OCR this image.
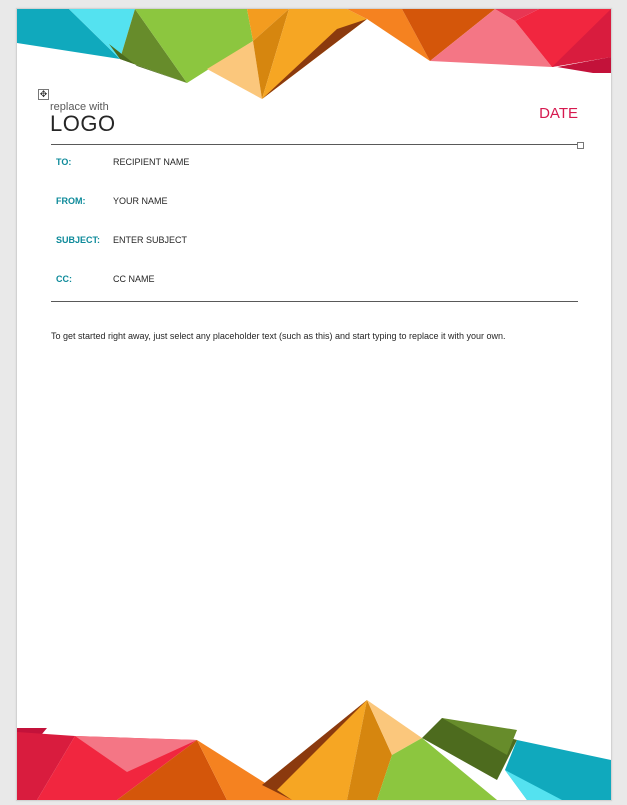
✥
replace with
LOGO	DATE
TO:	RECIPIENT NAME
FROM:	YOUR NAME
SUBJECT: ENTER SUBJECT
CC:	CC NAME
To get started right away, just select any placeholder text (such as this) and start typing to replace it with your own.
